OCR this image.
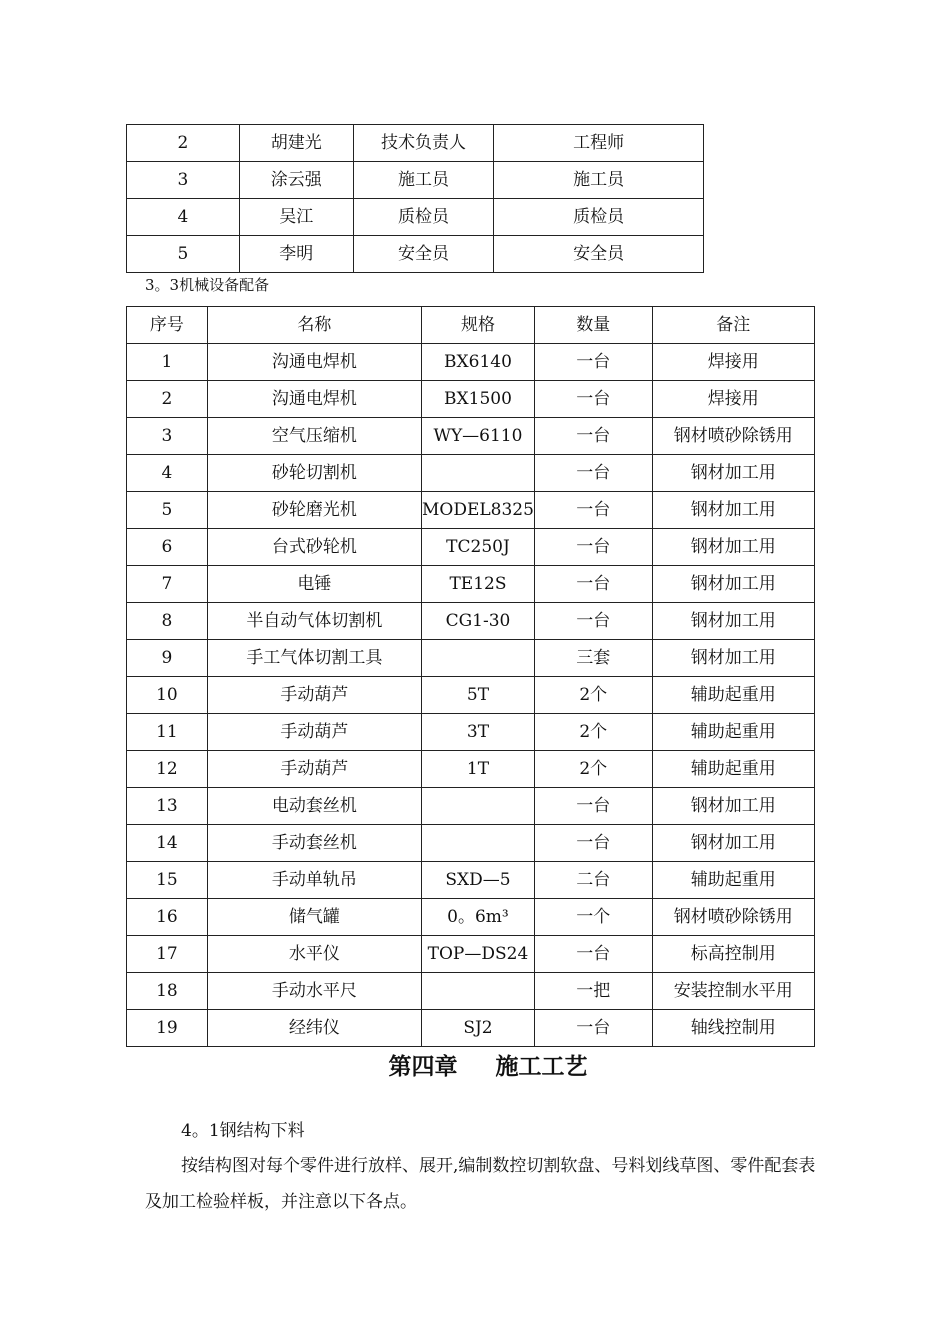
2	胡建光	技术负责人	工程师
3	涂云强	施工员	施工员
4	吴江	质检员	质检员
5	李明	安全员	安全员
3。3机械设备配备
序号	名称	规格	数量	备注
1	沟通电焊机	BX6140	一台	焊接用
2	沟通电焊机	BX1500	一台	焊接用
3	空气压缩机	WY—6110	一台	钢材喷砂除锈用
4	砂轮切割机		一台	钢材加工用
5	砂轮磨光机	MODEL8325	一台	钢材加工用
6	台式砂轮机	TC250J	一台	钢材加工用
7	电锤	TE12S	一台	钢材加工用
8	半自动气体切割机	CG1-30	一台	钢材加工用
9	手工气体切割工具		三套	钢材加工用
10	手动葫芦	5T	2个	辅助起重用
11	手动葫芦	3T	2个	辅助起重用
12	手动葫芦	1T	2个	辅助起重用
13	电动套丝机		一台	钢材加工用
14	手动套丝机		一台	钢材加工用
15	手动单轨吊	SXD—5	二台	辅助起重用
16	储气罐	0。6m³	一个	钢材喷砂除锈用
17	水平仪	TOP—DS24	一台	标高控制用
18	手动水平尺		一把	安装控制水平用
19	经纬仪	SJ2	一台	轴线控制用
第四章 施工工艺
4。1钢结构下料
按结构图对每个零件进行放样、展开,编制数控切割软盘、号料划线草图、零件配套表及加工检验样板，并注意以下各点。
